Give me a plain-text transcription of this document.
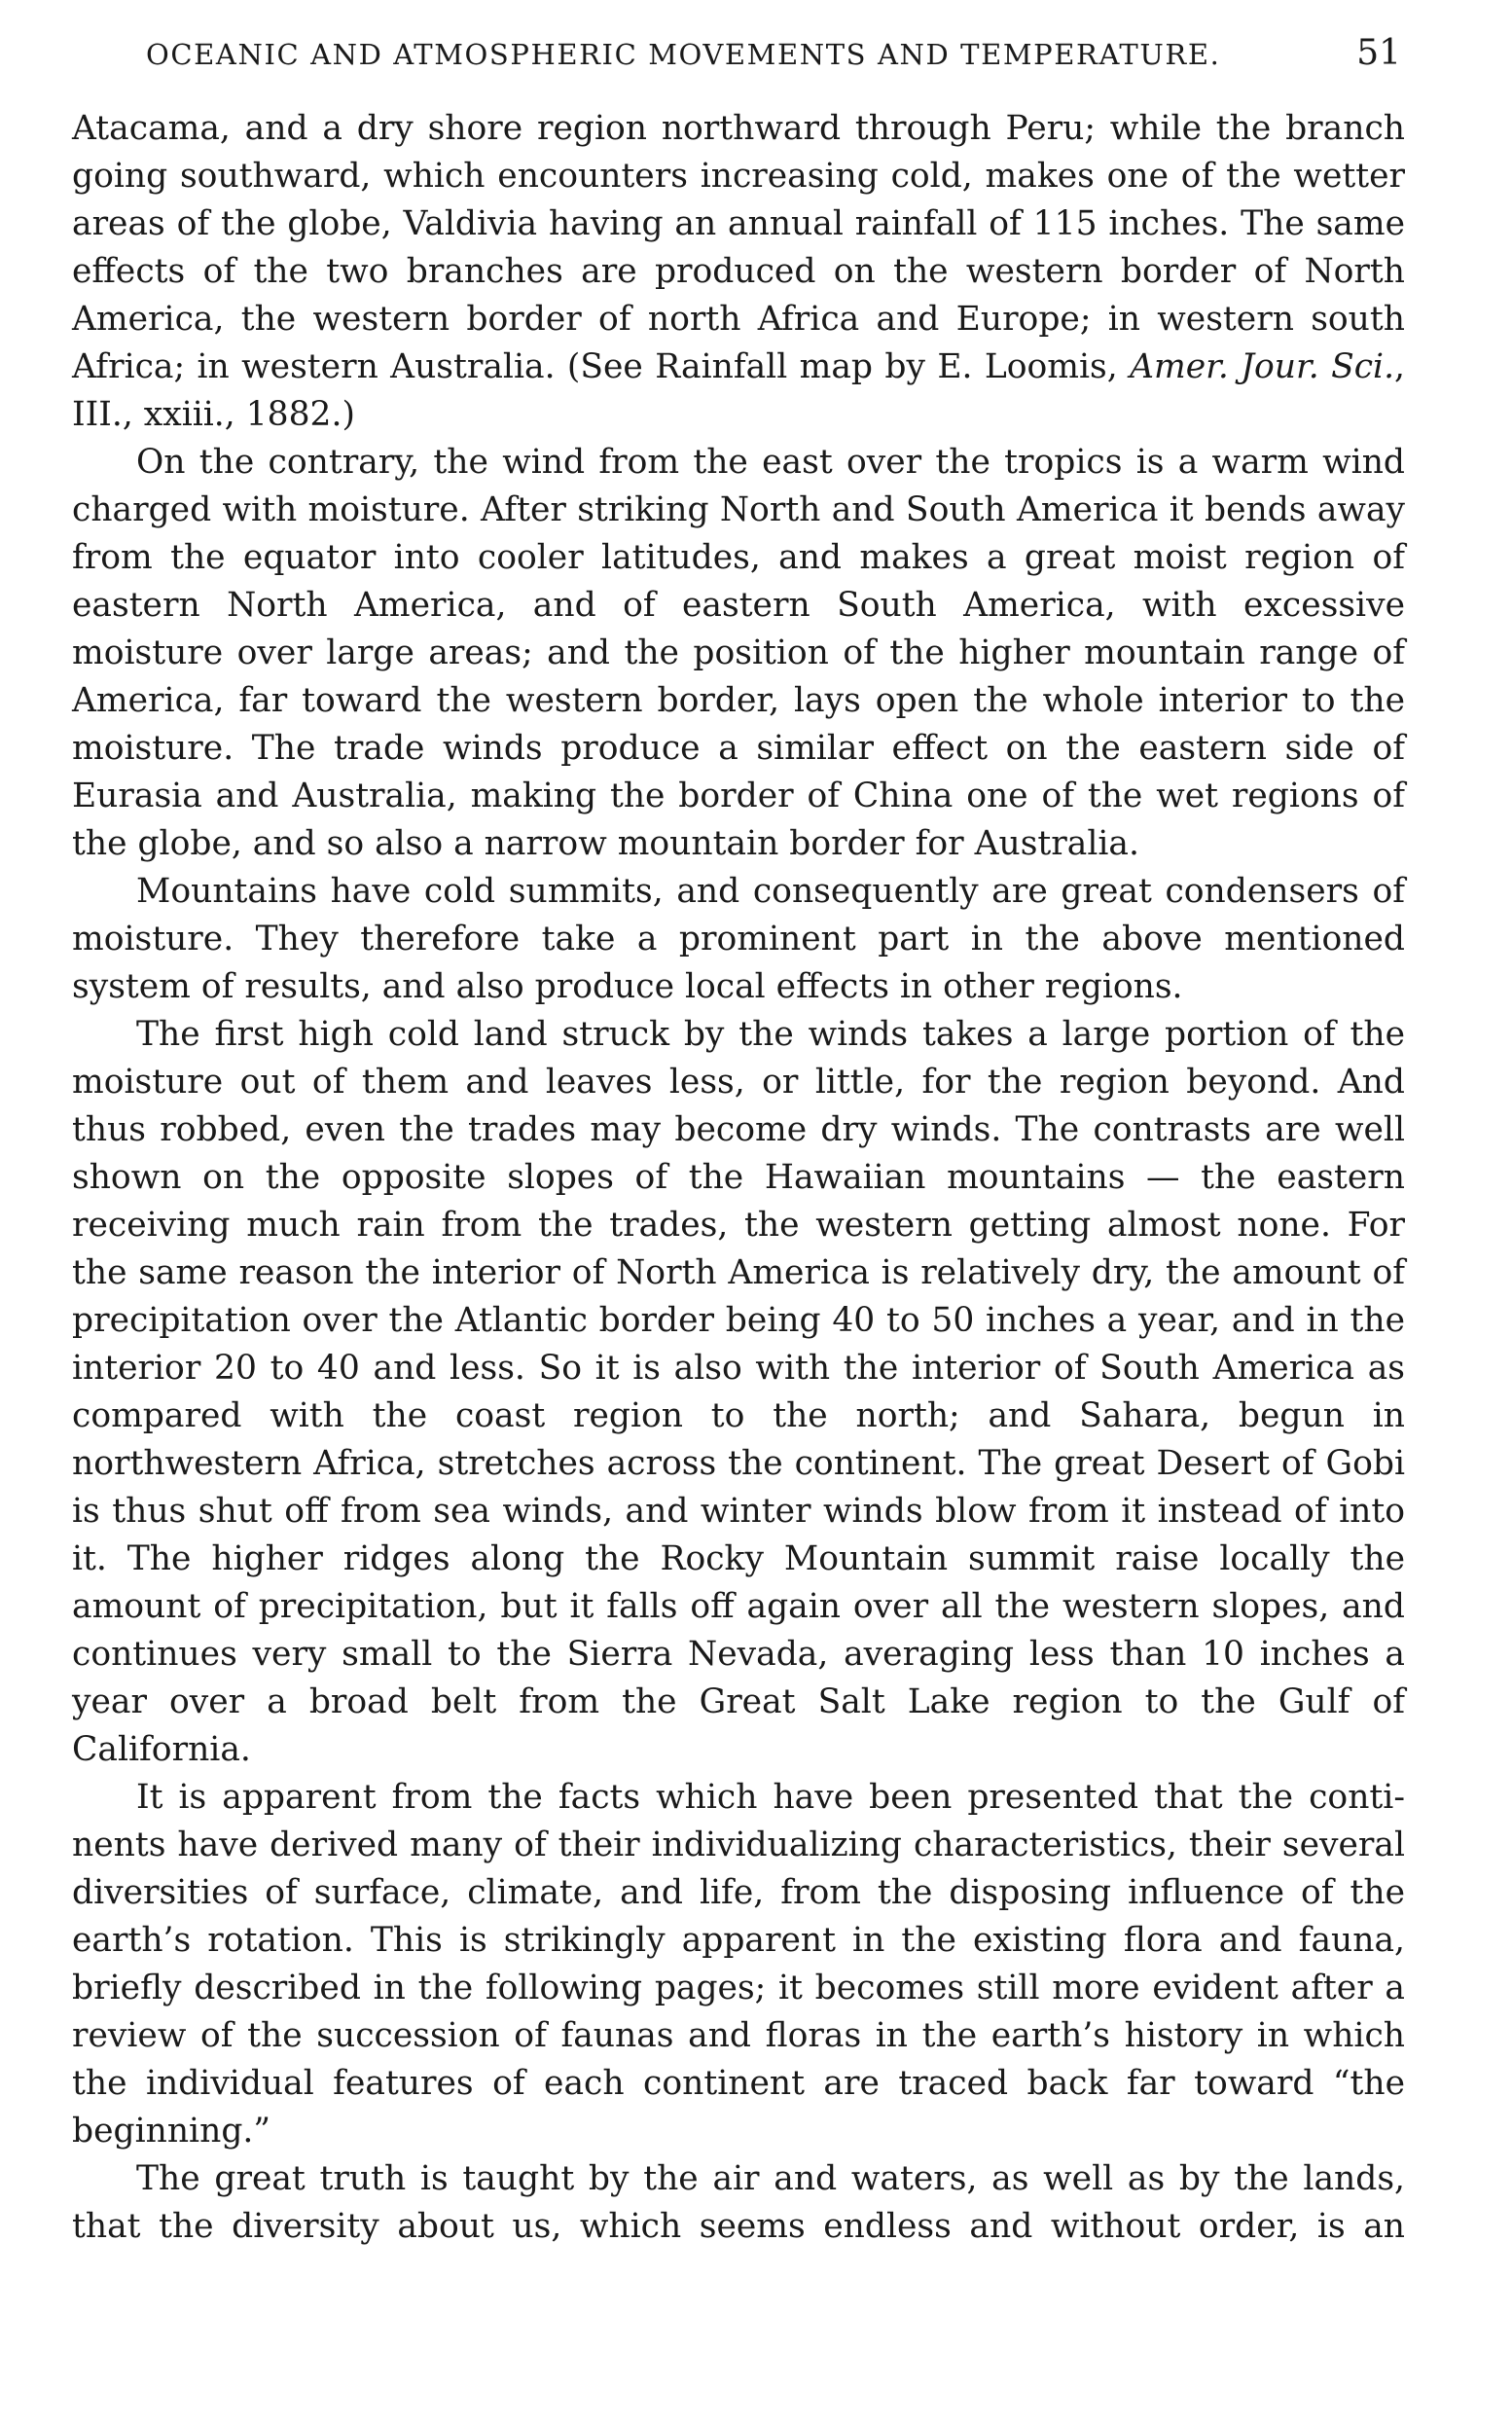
OCEANIC AND ATMOSPHERIC MOVEMENTS AND TEMPERATURE.	51

Atacama, and a dry shore region northward through Peru; while the branch going southward, which encounters increasing cold, makes one of the wetter areas of the globe, Valdivia having an annual rainfall of 115 inches. The same effects of the two branches are produced on the western border of North America, the western border of north Africa and Europe; in western south Africa; in western Australia. (See Rainfall map by E. Loomis, Amer. Jour. Sci., III., xxiii., 1882.)

On the contrary, the wind from the east over the tropics is a warm wind charged with moisture. After striking North and South America it bends away from the equator into cooler latitudes, and makes a great moist region of eastern North America, and of eastern South America, with excessive moisture over large areas; and the position of the higher mountain range of America, far toward the western border, lays open the whole interior to the moisture. The trade winds produce a similar effect on the eastern side of Eurasia and Australia, making the border of China one of the wet regions of the globe, and so also a narrow mountain border for Australia.

Mountains have cold summits, and consequently are great condensers of moisture. They therefore take a prominent part in the above mentioned system of results, and also produce local effects in other regions.

The first high cold land struck by the winds takes a large portion of the moisture out of them and leaves less, or little, for the region beyond. And thus robbed, even the trades may become dry winds. The contrasts are well shown on the opposite slopes of the Hawaiian mountains — the eastern receiving much rain from the trades, the western getting almost none. For the same reason the interior of North America is relatively dry, the amount of precipitation over the Atlantic border being 40 to 50 inches a year, and in the interior 20 to 40 and less. So it is also with the interior of South America as compared with the coast region to the north; and Sahara, begun in northwestern Africa, stretches across the continent. The great Desert of Gobi is thus shut off from sea winds, and winter winds blow from it instead of into it. The higher ridges along the Rocky Mountain summit raise locally the amount of precipitation, but it falls off again over all the western slopes, and continues very small to the Sierra Nevada, averaging less than 10 inches a year over a broad belt from the Great Salt Lake region to the Gulf of California.

It is apparent from the facts which have been presented that the continents have derived many of their individualizing characteristics, their several diversities of surface, climate, and life, from the disposing influence of the earth’s rotation. This is strikingly apparent in the existing flora and fauna, briefly described in the following pages; it becomes still more evident after a review of the succession of faunas and floras in the earth’s history in which the individual features of each continent are traced back far toward “the beginning.”

The great truth is taught by the air and waters, as well as by the lands, that the diversity about us, which seems endless and without order, is an
